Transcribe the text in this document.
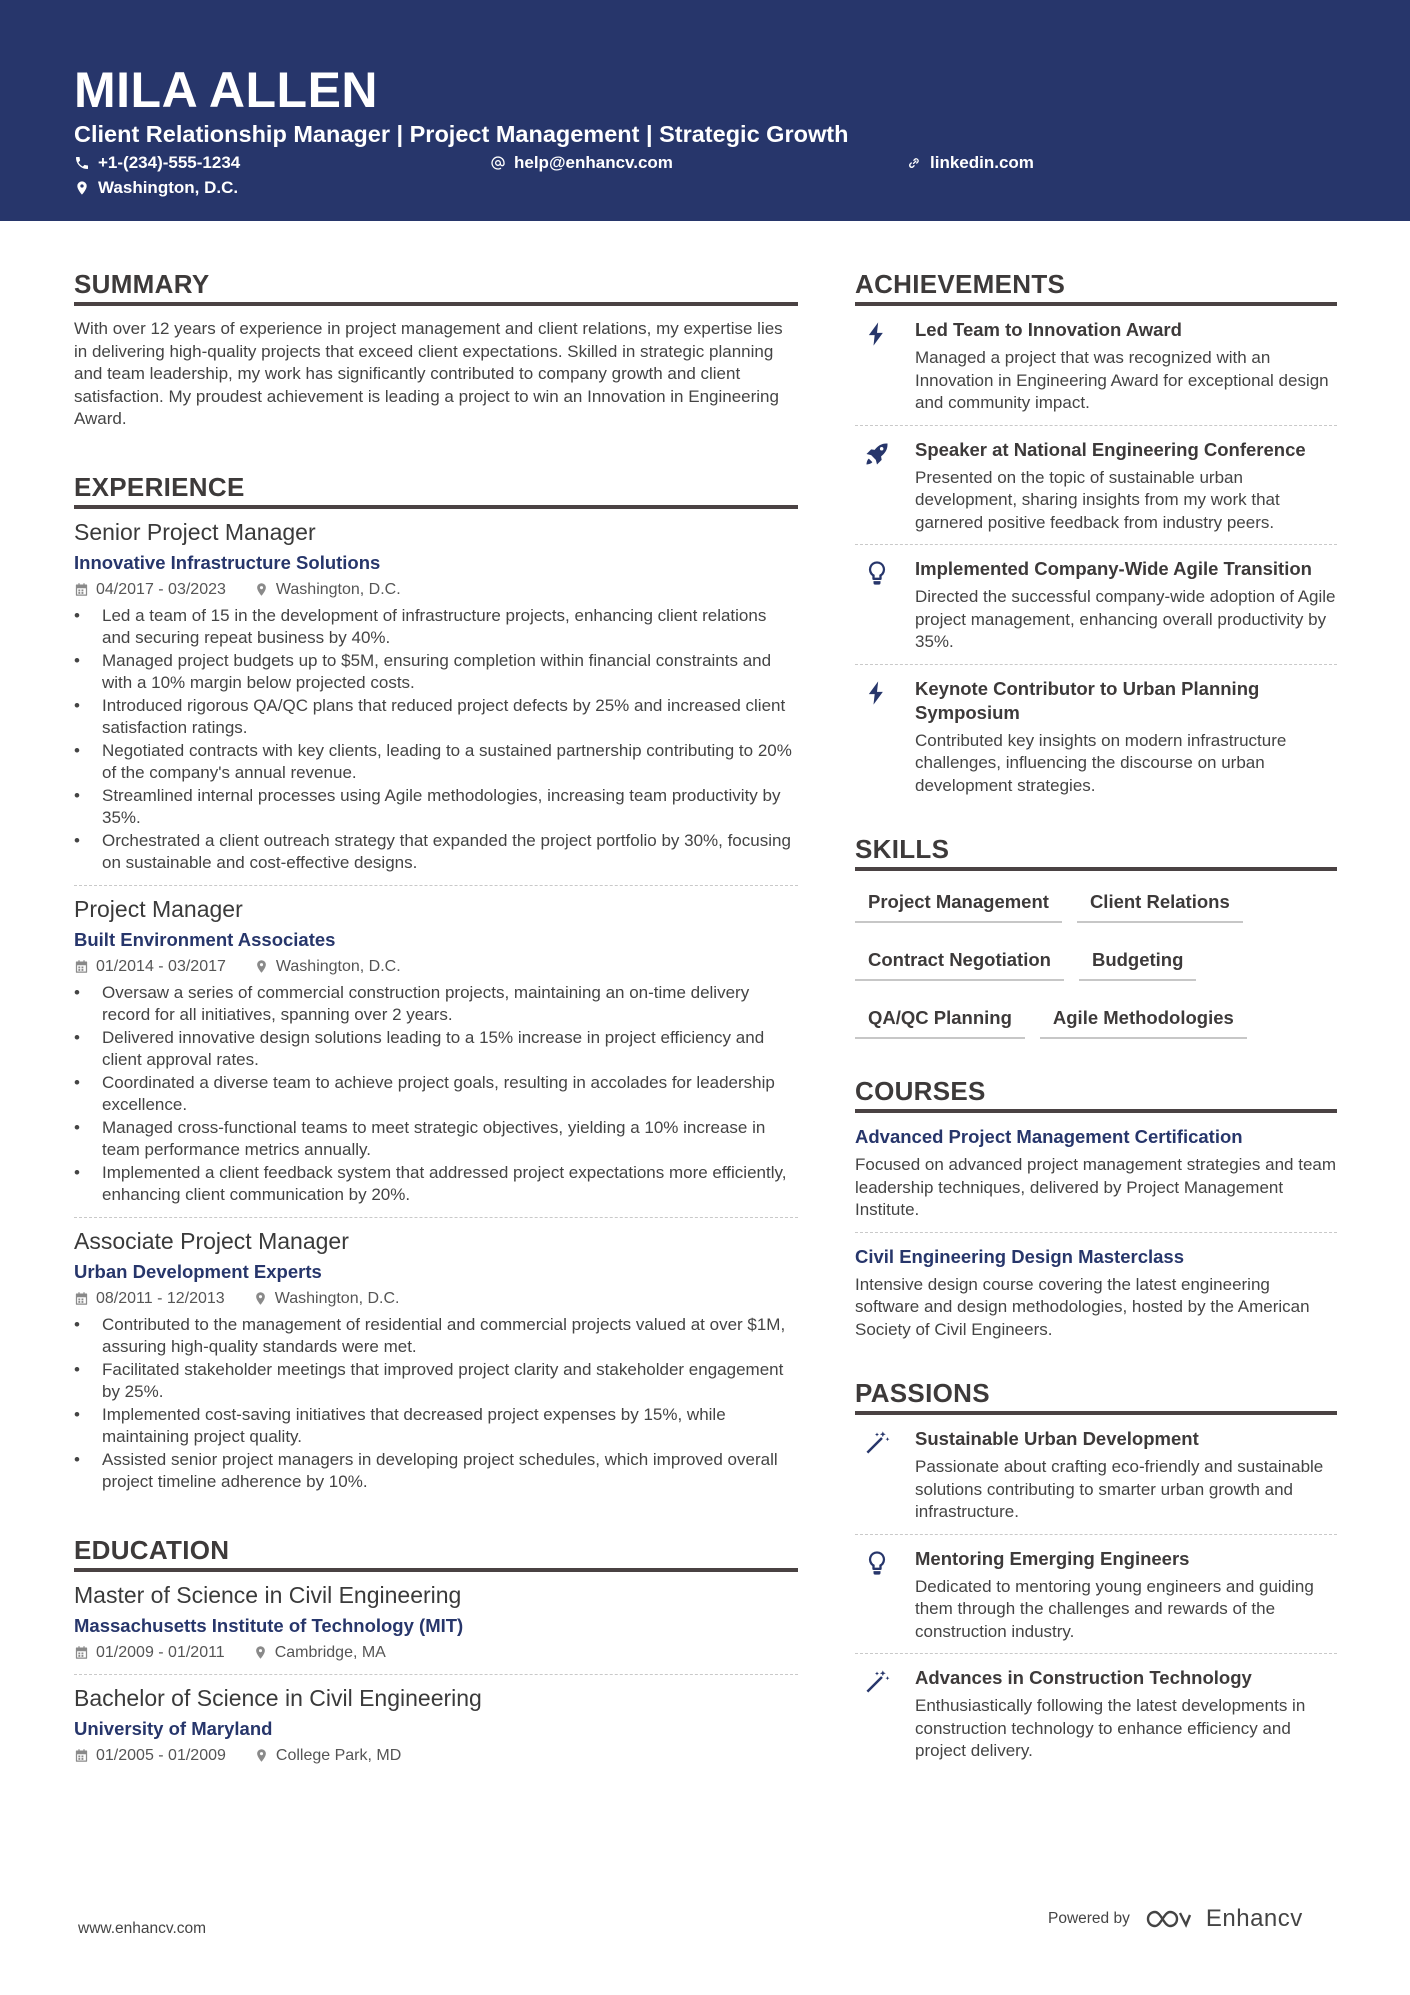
MILA ALLEN
Client Relationship Manager | Project Management | Strategic Growth
+1-(234)-555-1234	help@enhancv.com	linkedin.com
Washington, D.C.
SUMMARY

With over 12 years of experience in project management and client relations, my expertise lies in delivering high-quality projects that exceed client expectations. Skilled in strategic planning and team leadership, my work has significantly contributed to company growth and client satisfaction. My proudest achievement is leading a project to win an Innovation in Engineering Award.

EXPERIENCE
Senior Project Manager
Innovative Infrastructure Solutions
04/2017 - 03/2023	Washington, D.C.
• Led a team of 15 in the development of infrastructure projects, enhancing client relations and securing repeat business by 40%.
• Managed project budgets up to $5M, ensuring completion within financial constraints and with a 10% margin below projected costs.
• Introduced rigorous QA/QC plans that reduced project defects by 25% and increased client satisfaction ratings.
• Negotiated contracts with key clients, leading to a sustained partnership contributing to 20% of the company's annual revenue.
• Streamlined internal processes using Agile methodologies, increasing team productivity by 35%.
• Orchestrated a client outreach strategy that expanded the project portfolio by 30%, focusing on sustainable and cost-effective designs.
Project Manager
Built Environment Associates
01/2014 - 03/2017	Washington, D.C.
• Oversaw a series of commercial construction projects, maintaining an on-time delivery record for all initiatives, spanning over 2 years.
• Delivered innovative design solutions leading to a 15% increase in project efficiency and client approval rates.
• Coordinated a diverse team to achieve project goals, resulting in accolades for leadership excellence.
• Managed cross-functional teams to meet strategic objectives, yielding a 10% increase in team performance metrics annually.
• Implemented a client feedback system that addressed project expectations more efficiently, enhancing client communication by 20%.
Associate Project Manager
Urban Development Experts
08/2011 - 12/2013	Washington, D.C.
• Contributed to the management of residential and commercial projects valued at over $1M, assuring high-quality standards were met.
• Facilitated stakeholder meetings that improved project clarity and stakeholder engagement by 25%.
• Implemented cost-saving initiatives that decreased project expenses by 15%, while maintaining project quality.
• Assisted senior project managers in developing project schedules, which improved overall project timeline adherence by 10%.
EDUCATION
Master of Science in Civil Engineering
Massachusetts Institute of Technology (MIT)
01/2009 - 01/2011	Cambridge, MA
Bachelor of Science in Civil Engineering
University of Maryland
01/2005 - 01/2009	College Park, MD
ACHIEVEMENTS
Led Team to Innovation Award
Managed a project that was recognized with an Innovation in Engineering Award for exceptional design and community impact.
Speaker at National Engineering Conference
Presented on the topic of sustainable urban development, sharing insights from my work that garnered positive feedback from industry peers.
Implemented Company-Wide Agile Transition
Directed the successful company-wide adoption of Agile project management, enhancing overall productivity by 35%.
Keynote Contributor to Urban Planning Symposium
Contributed key insights on modern infrastructure challenges, influencing the discourse on urban development strategies.
SKILLS
Project Management	Client Relations
Contract Negotiation	Budgeting
QA/QC Planning	Agile Methodologies
COURSES
Advanced Project Management Certification
Focused on advanced project management strategies and team leadership techniques, delivered by Project Management Institute.
Civil Engineering Design Masterclass
Intensive design course covering the latest engineering software and design methodologies, hosted by the American Society of Civil Engineers.
PASSIONS
Sustainable Urban Development
Passionate about crafting eco-friendly and sustainable solutions contributing to smarter urban growth and infrastructure.
Mentoring Emerging Engineers
Dedicated to mentoring young engineers and guiding them through the challenges and rewards of the construction industry.
Advances in Construction Technology
Enthusiastically following the latest developments in construction technology to enhance efficiency and project delivery.
www.enhancv.com
Powered by	Enhancv
